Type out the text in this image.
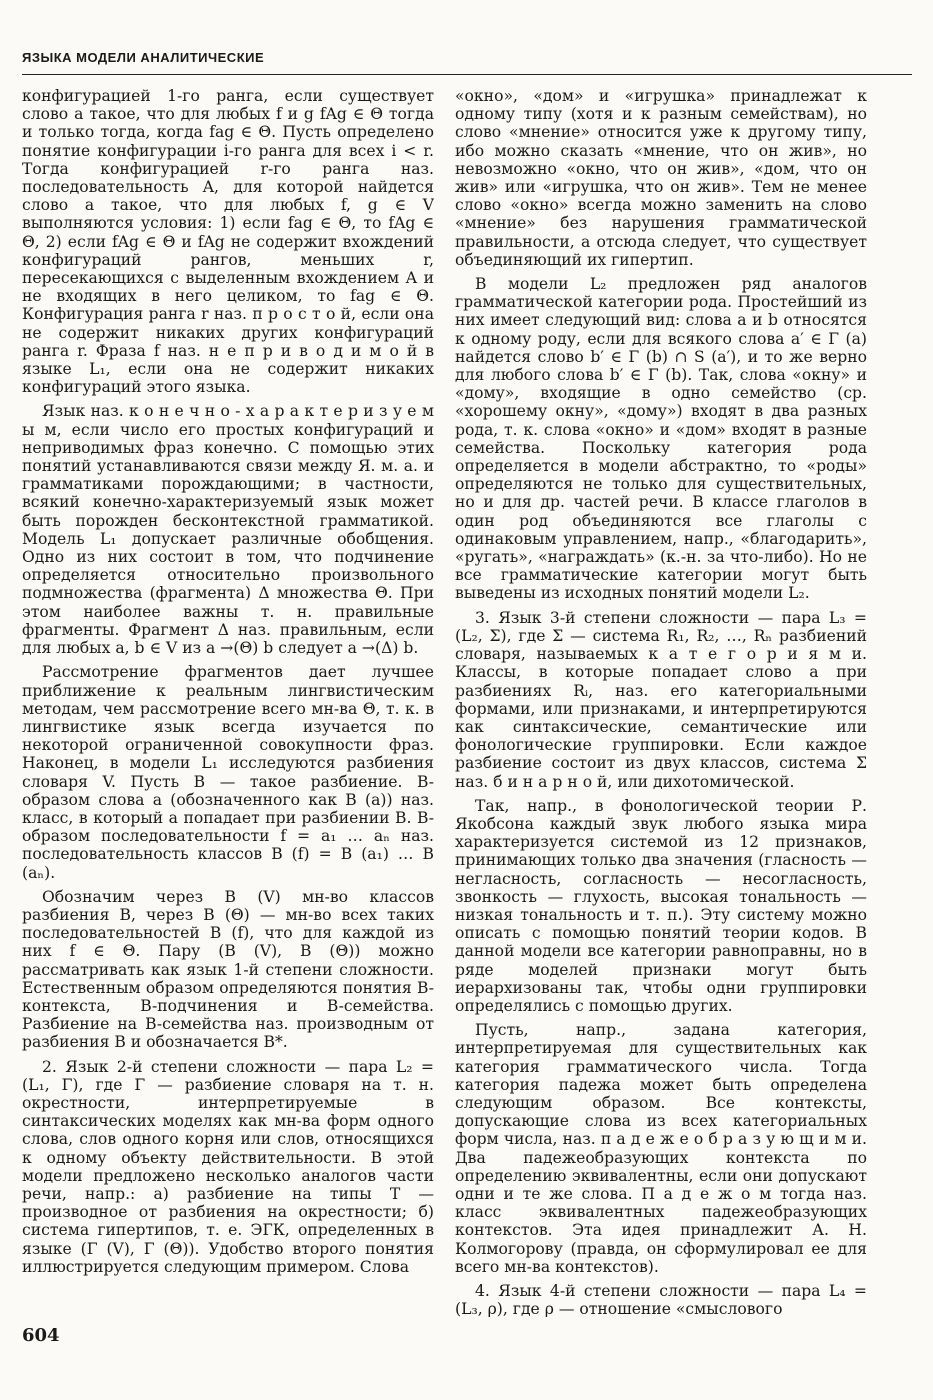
ЯЗЫКА МОДЕЛИ АНАЛИТИЧЕСКИЕ

конфигурацией 1-го ранга, если существует слово a такое, что для любых f и g fAg ∈ Θ тогда и только тогда, когда fag ∈ Θ. Пусть определено понятие конфигурации i-го ранга для всех i < r. Тогда конфигурацией r-го ранга наз. последовательность A, для которой найдется слово a такое, что для любых f, g ∈ V выполняются условия: 1) если fag ∈ Θ, то fAg ∈ Θ, 2) если fAg ∈ Θ и fAg не содержит вхождений конфигураций рангов, меньших r, пересекающихся с выделенным вхождением A и не входящих в него целиком, то fag ∈ Θ. Конфигурация ранга r наз. п р о с т о й, если она не содержит никаких других конфигураций ранга r. Фраза f наз. н е п р и в о д и м о й в языке L₁, если она не содержит никаких конфигураций этого языка.

Язык наз. к о н е ч н о - х а р а к т е р и з у е м ы м, если число его простых конфигураций и неприводимых фраз конечно. С помощью этих понятий устанавливаются связи между Я. м. а. и грамматиками порождающими; в частности, всякий конечно-характеризуемый язык может быть порожден бесконтекстной грамматикой. Модель L₁ допускает различные обобщения. Одно из них состоит в том, что подчинение определяется относительно произвольного подмножества (фрагмента) Δ множества Θ. При этом наиболее важны т. н. правильные фрагменты. Фрагмент Δ наз. правильным, если для любых a, b ∈ V из a →(Θ) b следует a →(Δ) b.

Рассмотрение фрагментов дает лучшее приближение к реальным лингвистическим методам, чем рассмотрение всего мн-ва Θ, т. к. в лингвистике язык всегда изучается по некоторой ограниченной совокупности фраз. Наконец, в модели L₁ исследуются разбиения словаря V. Пусть B — такое разбиение. B-образом слова a (обозначенного как B (a)) наз. класс, в который a попадает при разбиении B. B-образом последовательности f = a₁ … aₙ наз. последовательность классов B (f) = B (a₁) … B (aₙ).

Обозначим через B (V) мн-во классов разбиения B, через B (Θ) — мн-во всех таких последовательностей B (f), что для каждой из них f ∈ Θ. Пару (B (V), B (Θ)) можно рассматривать как язык 1-й степени сложности. Естественным образом определяются понятия B-контекста, B-подчинения и B-семейства. Разбиение на B-семейства наз. производным от разбиения B и обозначается B*.

2. Язык 2-й степени сложности — пара L₂ = (L₁, Γ), где Γ — разбиение словаря на т. н. окрестности, интерпретируемые в синтаксических моделях как мн-ва форм одного слова, слов одного корня или слов, относящихся к одному объекту действительности. В этой модели предложено несколько аналогов части речи, напр.: а) разбиение на типы T — производное от разбиения на окрестности; б) система гипертипов, т. е. ЭГК, определенных в языке (Γ (V), Γ (Θ)). Удобство второго понятия иллюстрируется следующим примером. Слова

«окно», «дом» и «игрушка» принадлежат к одному типу (хотя и к разным семействам), но слово «мнение» относится уже к другому типу, ибо можно сказать «мнение, что он жив», но невозможно «окно, что он жив», «дом, что он жив» или «игрушка, что он жив». Тем не менее слово «окно» всегда можно заменить на слово «мнение» без нарушения грамматической правильности, а отсюда следует, что существует объединяющий их гипертип.

В модели L₂ предложен ряд аналогов грамматической категории рода. Простейший из них имеет следующий вид: слова a и b относятся к одному роду, если для всякого слова a′ ∈ Γ (a) найдется слово b′ ∈ Γ (b) ∩ S (a′), и то же верно для любого слова b′ ∈ Γ (b). Так, слова «окну» и «дому», входящие в одно семейство (ср. «хорошему окну», «дому») входят в два разных рода, т. к. слова «окно» и «дом» входят в разные семейства. Поскольку категория рода определяется в модели абстрактно, то «роды» определяются не только для существительных, но и для др. частей речи. В классе глаголов в один род объединяются все глаголы с одинаковым управлением, напр., «благодарить», «ругать», «награждать» (к.-н. за что-либо). Но не все грамматические категории могут быть выведены из исходных понятий модели L₂.

3. Язык 3-й степени сложности — пара L₃ = (L₂, Σ), где Σ — система R₁, R₂, …, Rₙ разбиений словаря, называемых к а т е г о р и я м и. Классы, в которые попадает слово a при разбиениях Rᵢ, наз. его категориальными формами, или признаками, и интерпретируются как синтаксические, семантические или фонологические группировки. Если каждое разбиение состоит из двух классов, система Σ наз. б и н а р н о й, или дихотомической.

Так, напр., в фонологической теории Р. Якобсона каждый звук любого языка мира характеризуется системой из 12 признаков, принимающих только два значения (гласность — негласность, согласность — несогласность, звонкость — глухость, высокая тональность — низкая тональность и т. п.). Эту систему можно описать с помощью понятий теории кодов. В данной модели все категории равноправны, но в ряде моделей признаки могут быть иерархизованы так, чтобы одни группировки определялись с помощью других.

Пусть, напр., задана категория, интерпретируемая для существительных как категория грамматического числа. Тогда категория падежа может быть определена следующим образом. Все контексты, допускающие слова из всех категориальных форм числа, наз. п а д е ж е о б р а з у ю щ и м и. Два падежеобразующих контекста по определению эквивалентны, если они допускают одни и те же слова. П а д е ж о м тогда наз. класс эквивалентных падежеобразующих контекстов. Эта идея принадлежит А. Н. Колмогорову (правда, он сформулировал ее для всего мн-ва контекстов).

4. Язык 4-й степени сложности — пара L₄ = (L₃, ρ), где ρ — отношение «смыслового

604
